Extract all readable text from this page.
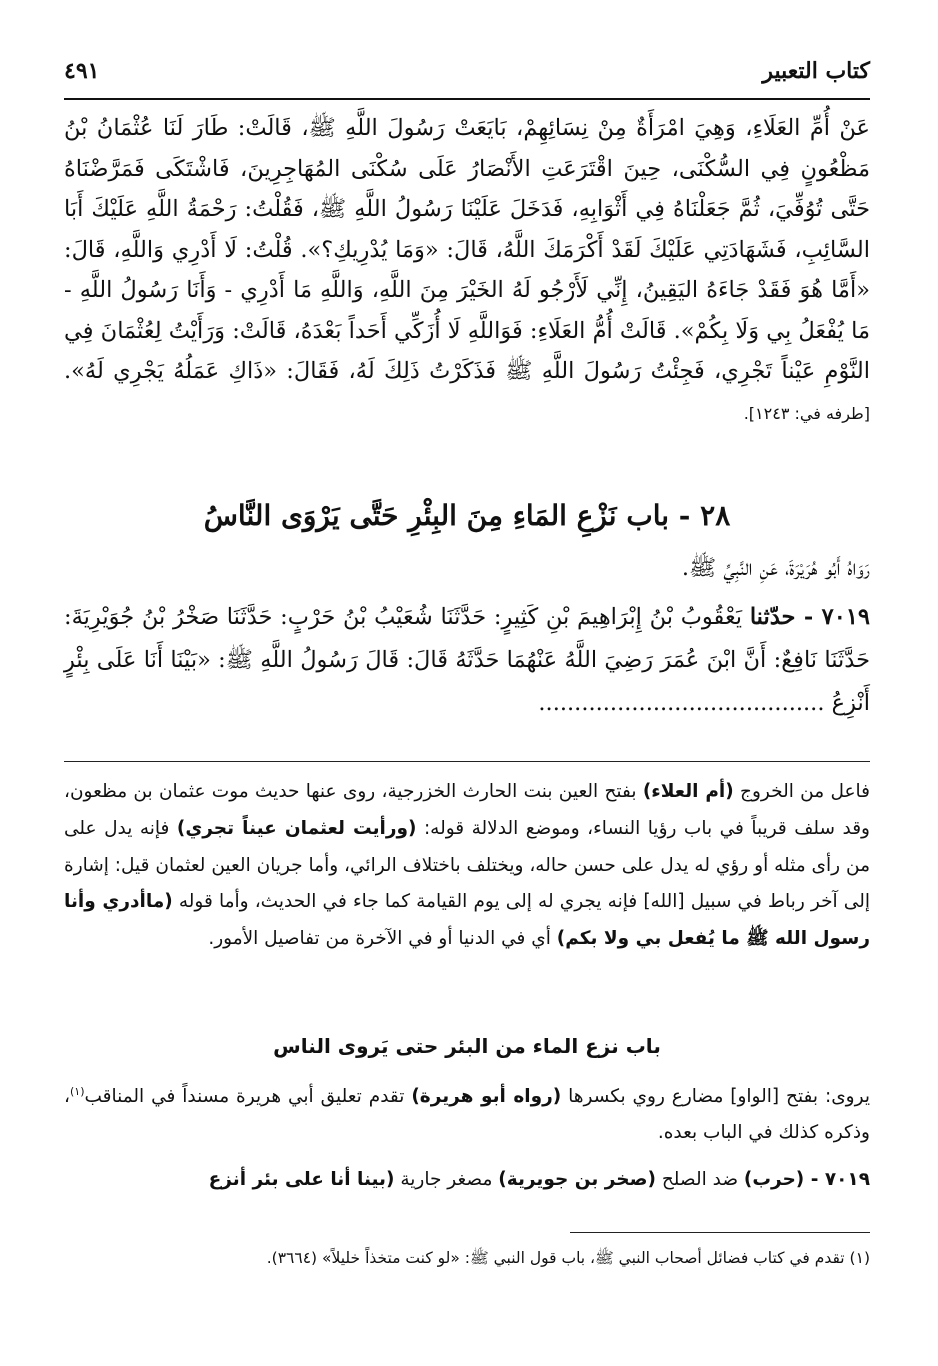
كتاب التعبير
٤٩١

عَنْ أُمِّ العَلَاءِ، وَهِيَ امْرَأَةٌ مِنْ نِسَائِهِمْ، بَايَعَتْ رَسُولَ اللَّهِ ﷺ، قَالَتْ: طَارَ لَنَا عُثْمَانُ بْنُ مَظْعُونٍ فِي السُّكْنَى، حِينَ اقْتَرَعَتِ الأَنْصَارُ عَلَى سُكْنَى المُهَاجِرِينَ، فَاشْتَكَى فَمَرَّضْنَاهُ حَتَّى تُوُفِّيَ، ثُمَّ جَعَلْنَاهُ فِي أَثْوَابِهِ، فَدَخَلَ عَلَيْنَا رَسُولُ اللَّهِ ﷺ، فَقُلْتُ: رَحْمَةُ اللَّهِ عَلَيْكَ أَبَا السَّائِبِ، فَشَهَادَتِي عَلَيْكَ لَقَدْ أَكْرَمَكَ اللَّهُ، قَالَ: «وَمَا يُدْرِيكِ؟». قُلْتُ: لَا أَدْرِي وَاللَّهِ، قَالَ: «أَمَّا هُوَ فَقَدْ جَاءَهُ اليَقِينُ، إِنِّي لَأَرْجُو لَهُ الخَيْرَ مِنَ اللَّهِ، وَاللَّهِ مَا أَدْرِي - وَأَنَا رَسُولُ اللَّهِ - مَا يُفْعَلُ بِي وَلَا بِكُمْ». قَالَتْ أُمُّ العَلَاءِ: فَوَاللَّهِ لَا أُزَكِّي أَحَداً بَعْدَهُ، قَالَتْ: وَرَأَيْتُ لِعُثْمَانَ فِي النَّوْمِ عَيْناً تَجْرِي، فَجِئْتُ رَسُولَ اللَّهِ ﷺ فَذَكَرْتُ ذَلِكَ لَهُ، فَقَالَ: «ذَاكِ عَمَلُهُ يَجْرِي لَهُ». [طرفه في: ١٢٤٣].

٢٨ - باب نَزْعِ المَاءِ مِنَ البِئْرِ حَتَّى يَرْوَى النَّاسُ
رَوَاهُ أَبُو هُرَيْرَةَ، عَنِ النَّبِيِّ ﷺ.

٧٠١٩ - حدّثنا يَعْقُوبُ بْنُ إِبْرَاهِيمَ بْنِ كَثِيرٍ: حَدَّثَنَا شُعَيْبُ بْنُ حَرْبٍ: حَدَّثَنَا صَخْرُ بْنُ جُوَيْرِيَةَ: حَدَّثَنَا نَافِعٌ: أَنَّ ابْنَ عُمَرَ رَضِيَ اللَّهُ عَنْهُمَا حَدَّثَهُ قَالَ: قَالَ رَسُولُ اللَّهِ ﷺ: «بَيْنَا أَنَا عَلَى بِئْرٍ أَنْزِعُ ........................................

فاعل من الخروج (أم العلاء) بفتح العين بنت الحارث الخزرجية، روى عنها حديث موت عثمان بن مظعون، وقد سلف قريباً في باب رؤيا النساء، وموضع الدلالة قوله: (ورأيت لعثمان عيناً تجري) فإنه يدل على من رأى مثله أو رؤي له يدل على حسن حاله، ويختلف باختلاف الرائي، وأما جريان العين لعثمان قيل: إشارة إلى آخر رباط في سبيل [الله] فإنه يجري له إلى يوم القيامة كما جاء في الحديث، وأما قوله (ماأدري وأنا رسول الله ﷺ ما يُفعل بي ولا بكم) أي في الدنيا أو في الآخرة من تفاصيل الأمور.

باب نزع الماء من البئر حتى يَروى الناس

يروى: بفتح [الواو] مضارع روي بكسرها (رواه أبو هريرة) تقدم تعليق أبي هريرة مسنداً في المناقب$^{(١)}$، وذكره كذلك في الباب بعده.

٧٠١٩ - (حرب) ضد الصلح (صخر بن جويرية) مصغر جارية (بينا أنا على بئر أنزع

(١) تقدم في كتاب فضائل أصحاب النبي ﷺ، باب قول النبي ﷺ: «لو كنت متخذاً خليلاً» (٣٦٦٤).
